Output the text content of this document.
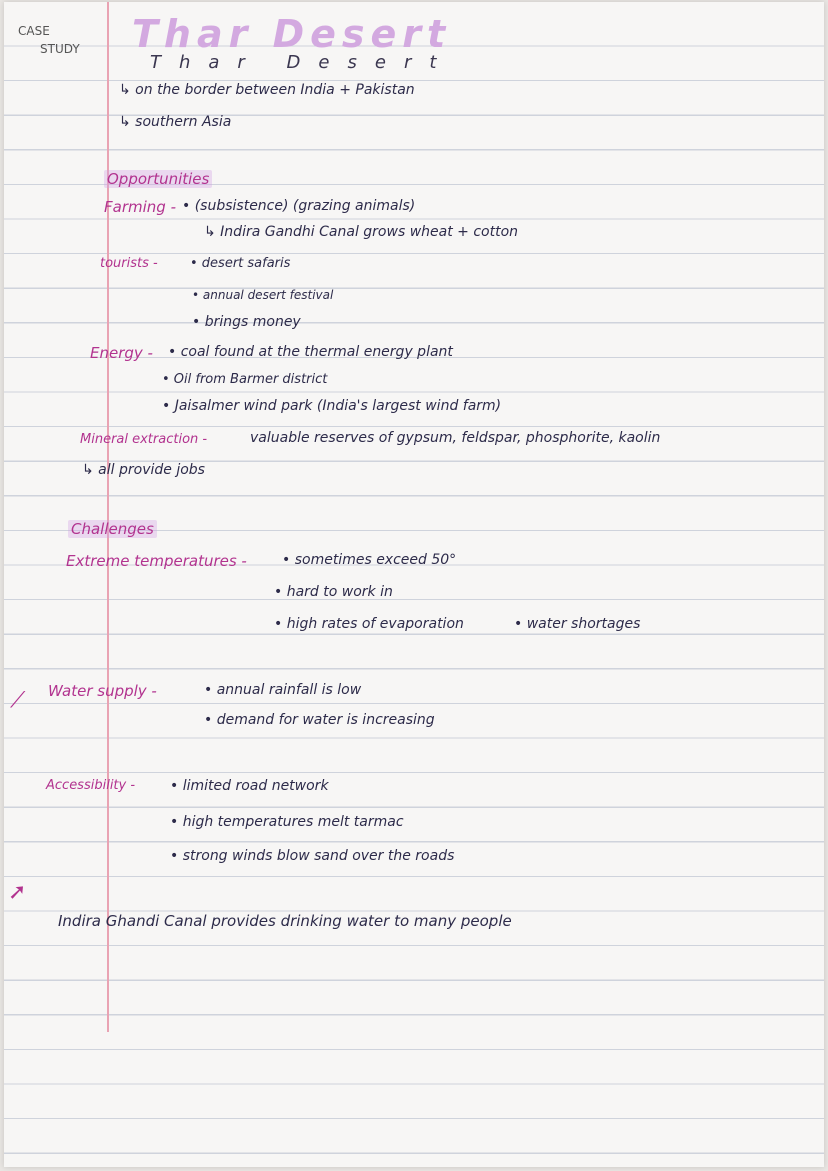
CASE
STUDY Thar Desert
Thar Desert
↳ on the border between India + Pakistan
↳ southern Asia
Opportunities
Farming - • (subsistence) (grazing animals)
↳ Indira Gandhi Canal grows wheat + cotton
tourists - • desert safaris
• annual desert festival
• brings money
Energy - • coal found at the thermal energy plant
• Oil from Barmer district
• Jaisalmer wind park (India's largest wind farm)
Mineral extraction -	valuable reserves of gypsum, feldspar, phosphorite, kaolin
↳ all provide jobs
Challenges
Extreme temperatures -	• sometimes exceed 50°
• hard to work in
• high rates of evaporation	• water shortages
⟋ Water supply -	• annual rainfall is low
• demand for water is increasing
Accessibility - • limited road network
• high temperatures melt tarmac
• strong winds blow sand over the roads
➚
Indira Ghandi Canal provides drinking water to many people
